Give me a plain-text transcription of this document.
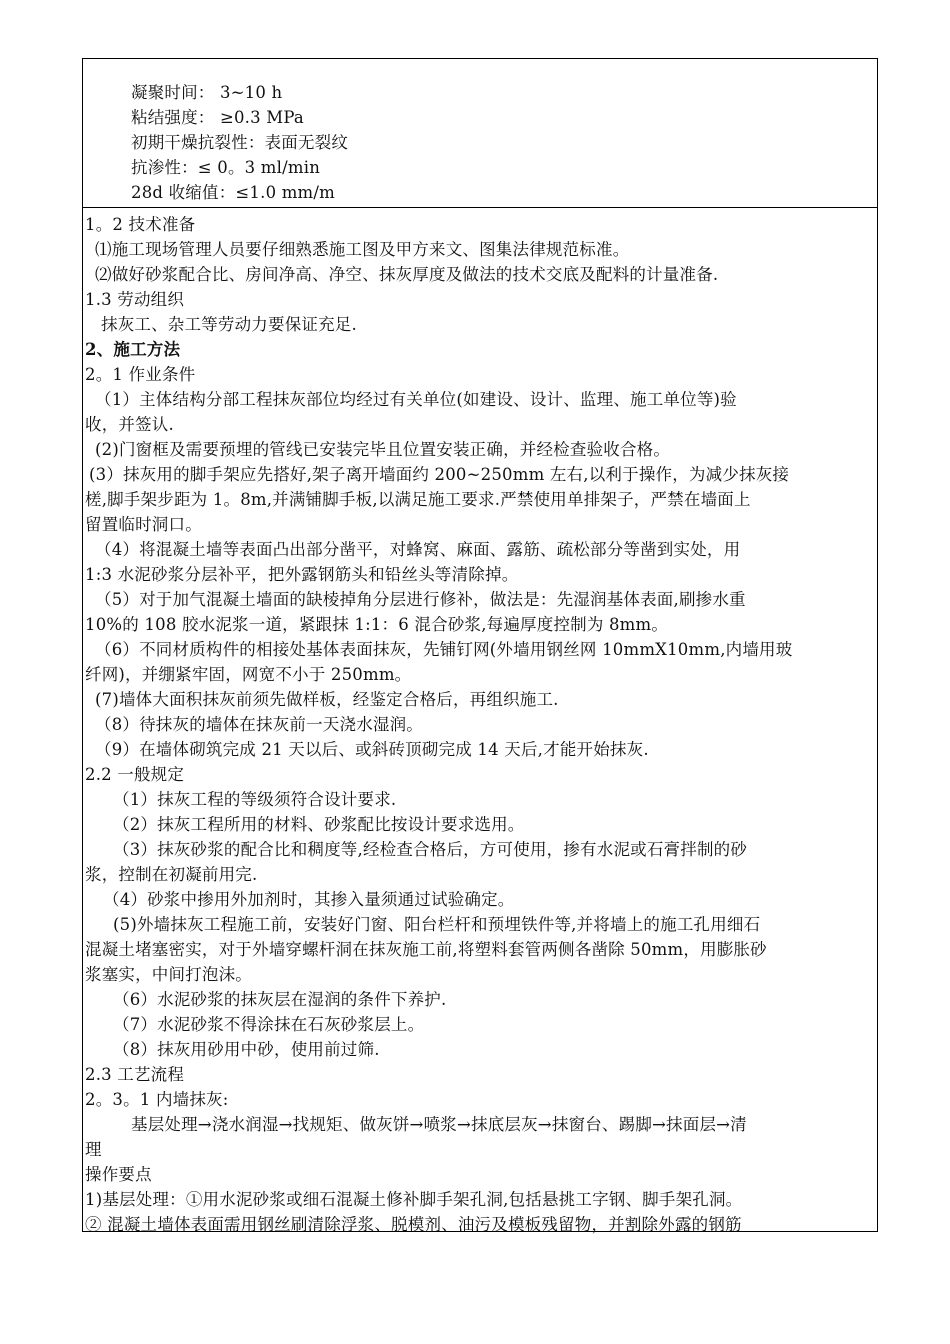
凝聚时间： 3~10 h
粘结强度： ≥0.3 MPa
初期干燥抗裂性：表面无裂纹
抗渗性：≤ 0。3 ml/min
28d 收缩值：≤1.0 mm/m
1。2 技术准备
⑴施工现场管理人员要仔细熟悉施工图及甲方来文、图集法律规范标准。
⑵做好砂浆配合比、房间净高、净空、抹灰厚度及做法的技术交底及配料的计量准备.
1.3 劳动组织
抹灰工、杂工等劳动力要保证充足.
2、施工方法
2。1 作业条件
（1）主体结构分部工程抹灰部位均经过有关单位(如建设、设计、监理、施工单位等)验
收，并签认.
(2)门窗框及需要预埋的管线已安装完毕且位置安装正确，并经检查验收合格。
(3）抹灰用的脚手架应先搭好,架子离开墙面约 200~250mm 左右,以利于操作，为减少抹灰接
槎,脚手架步距为 1。8m,并满铺脚手板,以满足施工要求.严禁使用单排架子，严禁在墙面上
留置临时洞口。
（4）将混凝土墙等表面凸出部分凿平，对蜂窝、麻面、露筋、疏松部分等凿到实处，用
1:3 水泥砂浆分层补平，把外露钢筋头和铅丝头等清除掉。
（5）对于加气混凝土墙面的缺棱掉角分层进行修补，做法是：先湿润基体表面,刷掺水重
10%的 108 胶水泥浆一道，紧跟抹 1:1：6 混合砂浆,每遍厚度控制为 8mm。
（6）不同材质构件的相接处基体表面抹灰，先铺钉网(外墙用钢丝网 10mmX10mm,内墙用玻
纤网)，并绷紧牢固，网宽不小于 250mm。
(7)墙体大面积抹灰前须先做样板，经鉴定合格后，再组织施工.
（8）待抹灰的墙体在抹灰前一天浇水湿润。
（9）在墙体砌筑完成 21 天以后、或斜砖顶砌完成 14 天后,才能开始抹灰.
2.2 一般规定
（1）抹灰工程的等级须符合设计要求.
（2）抹灰工程所用的材料、砂浆配比按设计要求选用。
（3）抹灰砂浆的配合比和稠度等,经检查合格后，方可使用，掺有水泥或石膏拌制的砂
浆，控制在初凝前用完.
（4）砂浆中掺用外加剂时，其掺入量须通过试验确定。
(5)外墙抹灰工程施工前，安装好门窗、阳台栏杆和预埋铁件等,并将墙上的施工孔用细石
混凝土堵塞密实，对于外墙穿螺杆洞在抹灰施工前,将塑料套管两侧各凿除 50mm，用膨胀砂
浆塞实，中间打泡沫。
（6）水泥砂浆的抹灰层在湿润的条件下养护.
（7）水泥砂浆不得涂抹在石灰砂浆层上。
（8）抹灰用砂用中砂，使用前过筛.
2.3 工艺流程
2。3。1 内墙抹灰:
基层处理→浇水润湿→找规矩、做灰饼→喷浆→抹底层灰→抹窗台、踢脚→抹面层→清
理
操作要点
1)基层处理：①用水泥砂浆或细石混凝土修补脚手架孔洞,包括悬挑工字钢、脚手架孔洞。
② 混凝土墙体表面需用钢丝刷清除浮浆、脱模剂、油污及模板残留物，并割除外露的钢筋
